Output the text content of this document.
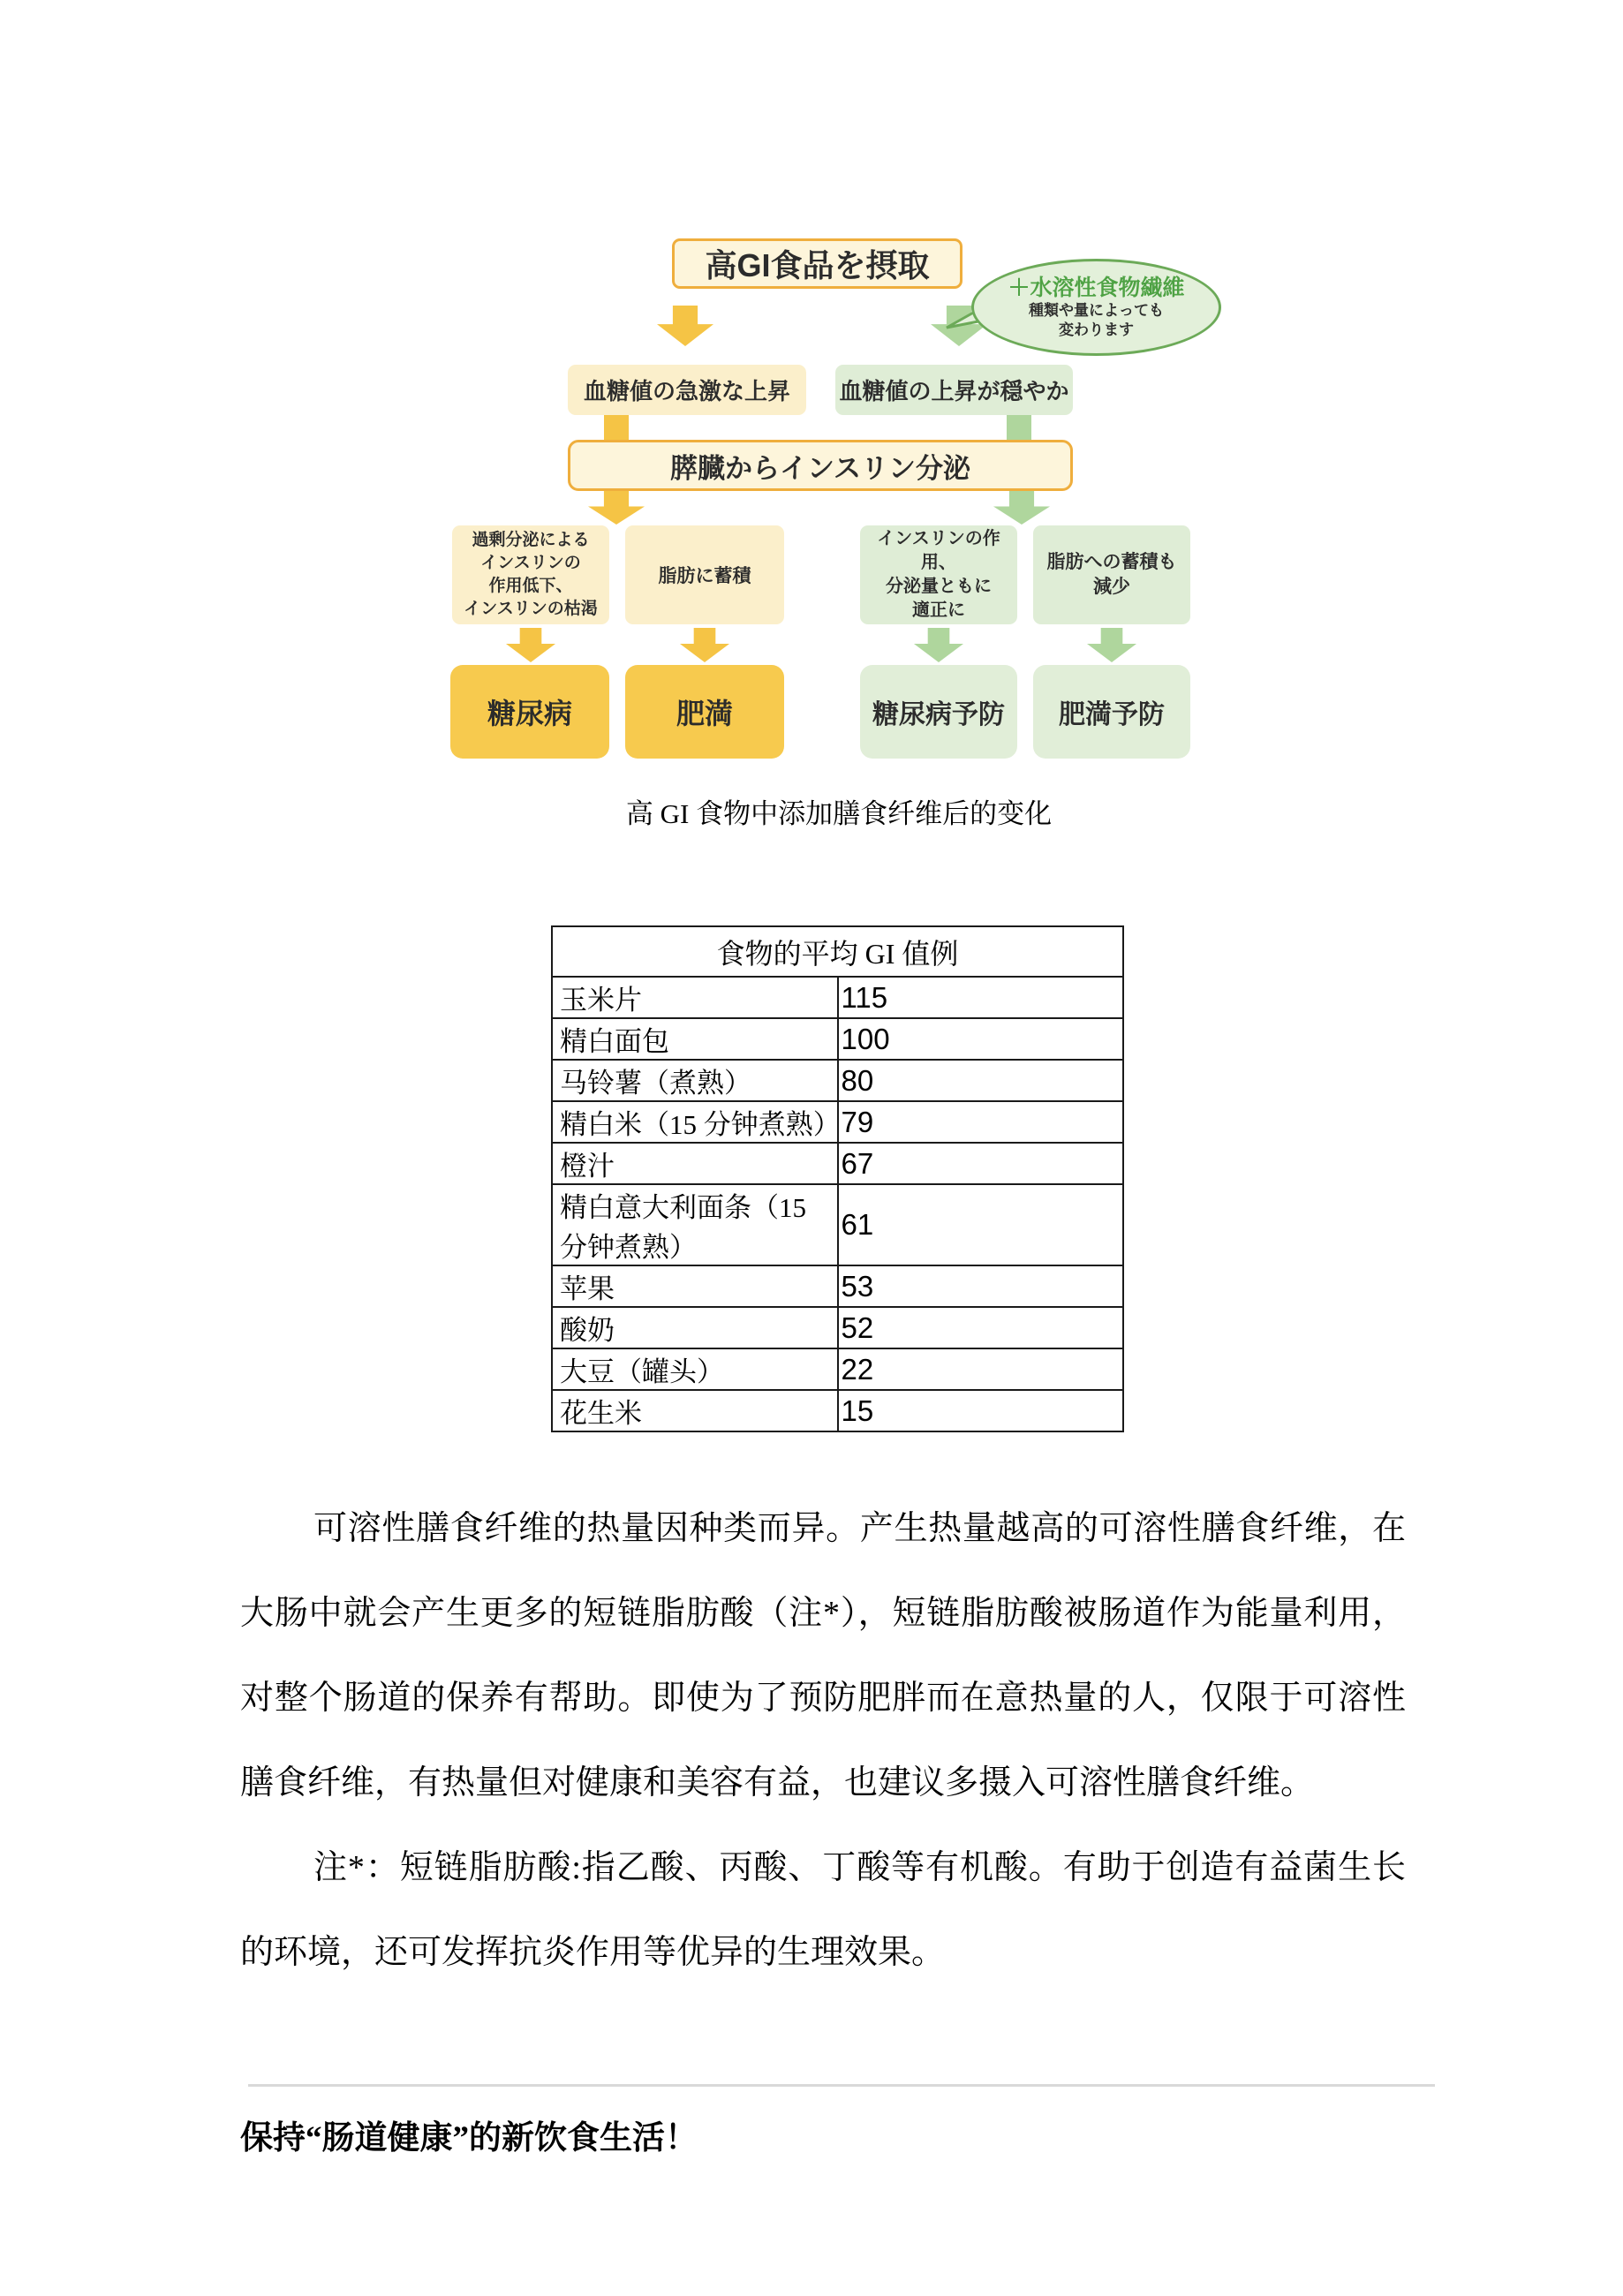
高GI食品を摂取
＋水溶性食物繊維
種類や量によっても
変わります
血糖値の急激な上昇 血糖値の上昇が穏やか
膵臓からインスリン分泌
過剰分泌による
インスリンの
作用低下、
インスリンの枯渇
脂肪に蓄積
インスリンの作用、
分泌量ともに
適正に
脂肪への蓄積も
減少
糖尿病	肥満	糖尿病予防 肥満予防
高 GI 食物中添加膳食纤维后的变化
食物的平均 GI 值例	
玉米片	115
精白面包	100
马铃薯（煮熟）	80
精白米（15 分钟煮熟）	79
橙汁	67
精白意大利面条（15 分钟煮熟）	61
苹果	53
酸奶	52
大豆（罐头）	22
花生米	15

可溶性膳食纤维的热量因种类而异。产生热量越高的可溶性膳食纤维，在大肠中就会产生更多的短链脂肪酸（注*），短链脂肪酸被肠道作为能量利用，对整个肠道的保养有帮助。即使为了预防肥胖而在意热量的人，仅限于可溶性膳食纤维，有热量但对健康和美容有益，也建议多摄入可溶性膳食纤维。

注*：短链脂肪酸:指乙酸、丙酸、丁酸等有机酸。有助于创造有益菌生长的环境，还可发挥抗炎作用等优异的生理效果。

保持“肠道健康”的新饮食生活！
